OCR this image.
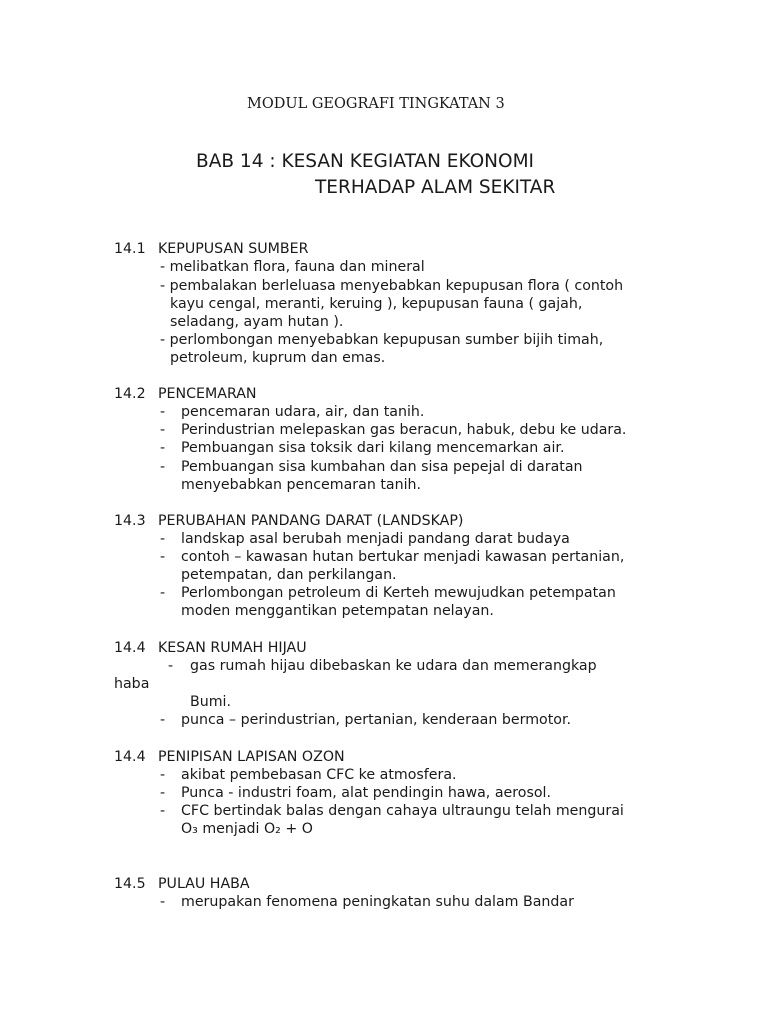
MODUL GEOGRAFI TINGKATAN 3
BAB 14 : KESAN KEGIATAN EKONOMI
TERHADAP ALAM SEKITAR
14.1 KEPUPUSAN SUMBER
- melibatkan flora, fauna dan mineral
- pembalakan berleluasa menyebabkan kepupusan flora ( contoh
kayu cengal, meranti, keruing ), kepupusan fauna ( gajah,
seladang, ayam hutan ).
- perlombongan menyebabkan kepupusan sumber bijih timah,
petroleum, kuprum dan emas.
14.2 PENCEMARAN
- pencemaran udara, air, dan tanih.
- Perindustrian melepaskan gas beracun, habuk, debu ke udara.
- Pembuangan sisa toksik dari kilang mencemarkan air.
- Pembuangan sisa kumbahan dan sisa pepejal di daratan
menyebabkan pencemaran tanih.
14.3 PERUBAHAN PANDANG DARAT (LANDSKAP)
- landskap asal berubah menjadi pandang darat budaya
- contoh – kawasan hutan bertukar menjadi kawasan pertanian,
petempatan, dan perkilangan.
- Perlombongan petroleum di Kerteh mewujudkan petempatan
moden menggantikan petempatan nelayan.
14.4 KESAN RUMAH HIJAU
- gas rumah hijau dibebaskan ke udara dan memerangkap
haba
Bumi.
- punca – perindustrian, pertanian, kenderaan bermotor.
14.4 PENIPISAN LAPISAN OZON
- akibat pembebasan CFC ke atmosfera.
- Punca - industri foam, alat pendingin hawa, aerosol.
- CFC bertindak balas dengan cahaya ultraungu telah mengurai
O₃ menjadi O₂ + O
14.5 PULAU HABA
- merupakan fenomena peningkatan suhu dalam Bandar
